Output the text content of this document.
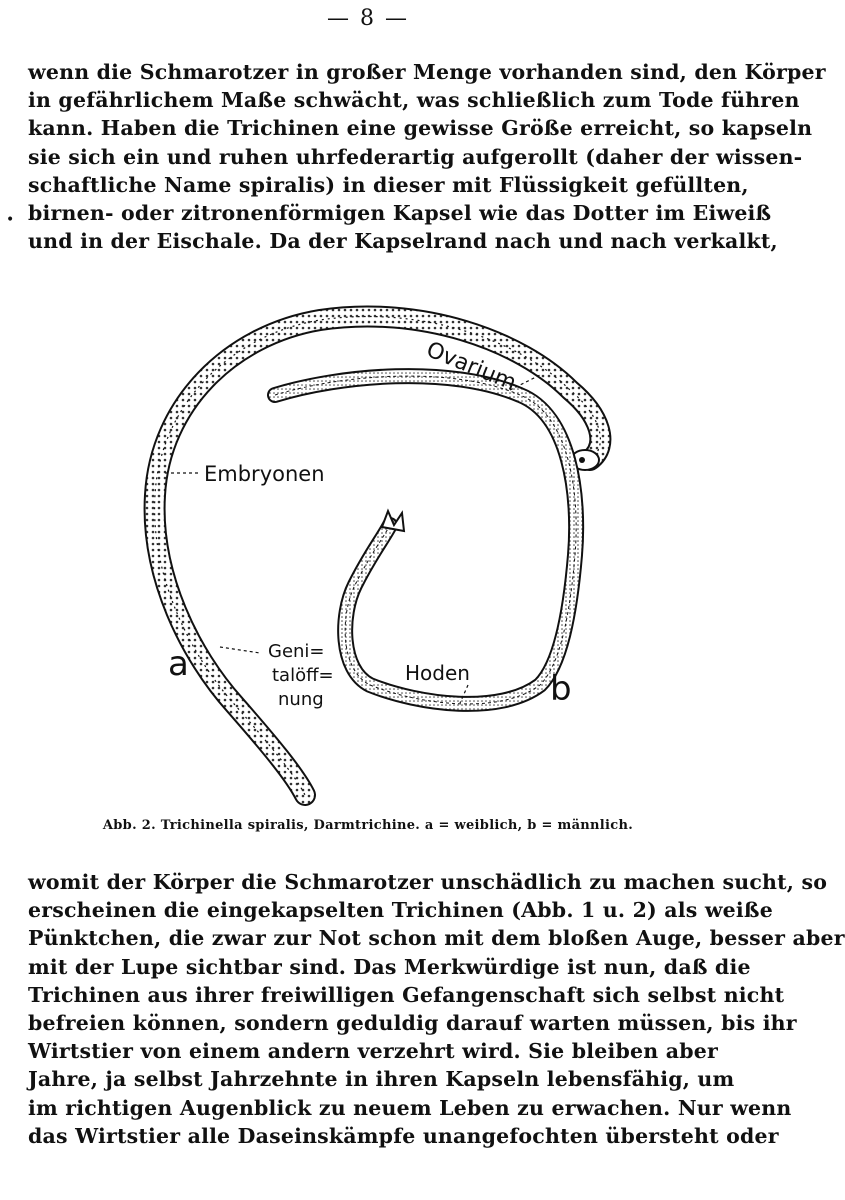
— 8 —
•
wenn die Schmarotzer in großer Menge vorhanden sind, den Körper
in gefährlichem Maße schwächt, was schließlich zum Tode führen
kann. Haben die Trichinen eine gewisse Größe erreicht, so kapseln
sie sich ein und ruhen uhrfederartig aufgerollt (daher der wissen-
schaftliche Name spiralis) in dieser mit Flüssigkeit gefüllten,
birnen- oder zitronenförmigen Kapsel wie das Dotter im Eiweiß
und in der Eischale. Da der Kapselrand nach und nach verkalkt,
Ovarium
Embryonen
Geni=
talöff=
nung
Hoden
a
b
Abb. 2. Trichinella spiralis, Darmtrichine. a = weiblich, b = männlich.
womit der Körper die Schmarotzer unschädlich zu machen sucht, so
erscheinen die eingekapselten Trichinen (Abb. 1 u. 2) als weiße
Pünktchen, die zwar zur Not schon mit dem bloßen Auge, besser aber
mit der Lupe sichtbar sind. Das Merkwürdige ist nun, daß die
Trichinen aus ihrer freiwilligen Gefangenschaft sich selbst nicht
befreien können, sondern geduldig darauf warten müssen, bis ihr
Wirtstier von einem andern verzehrt wird. Sie bleiben aber
Jahre, ja selbst Jahrzehnte in ihren Kapseln lebensfähig, um
im richtigen Augenblick zu neuem Leben zu erwachen. Nur wenn
das Wirtstier alle Daseinskämpfe unangefochten übersteht oder
